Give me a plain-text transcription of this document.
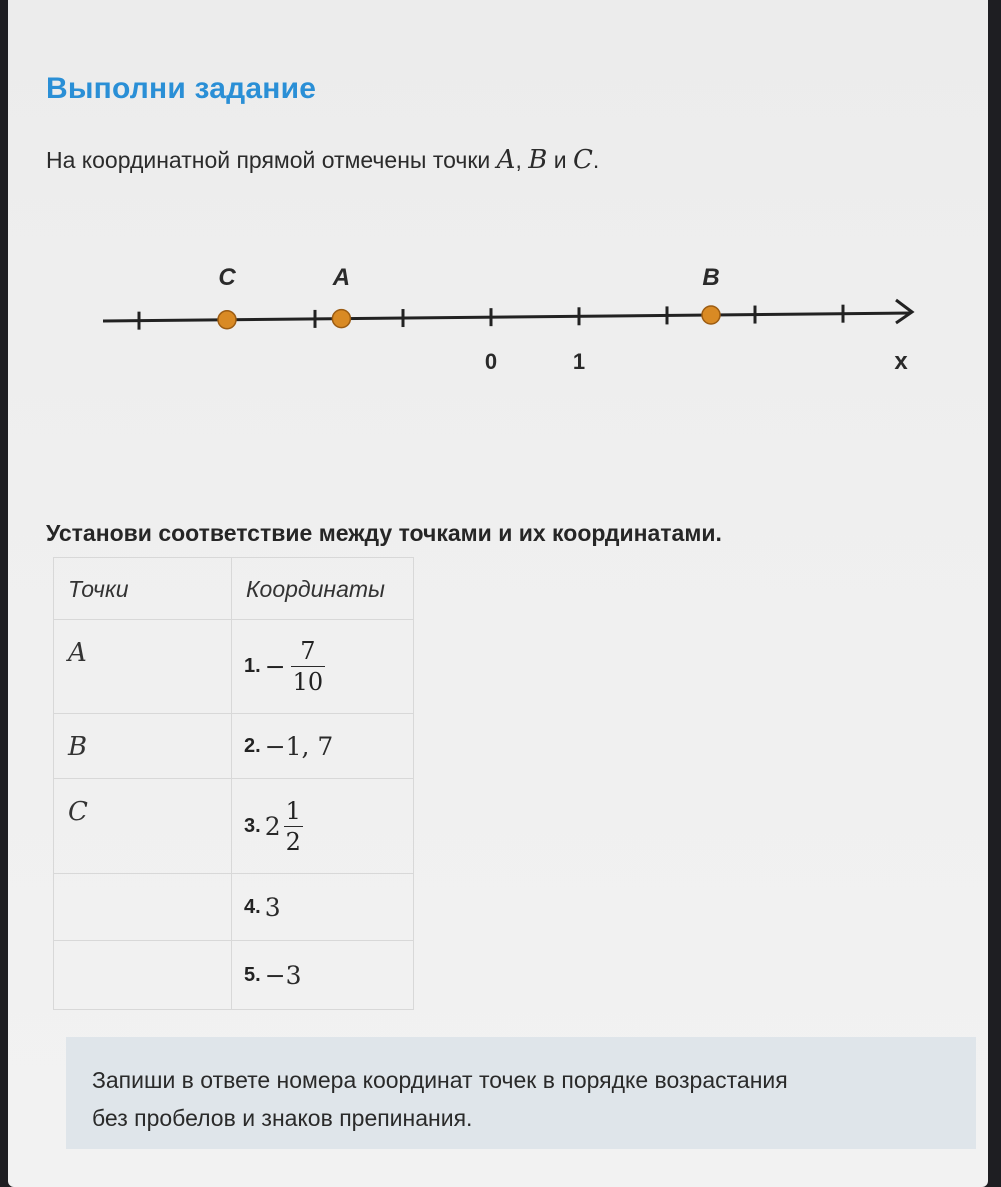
Выполни задание
На координатной прямой отмечены точки A, B и C.
C	A	B
0	1	x
Установи соответствие между точками и их координатами.
Точки	Координаты

A	1. − $\frac{7}{10}$

B	2. −1, 7

C	3. $2 \frac{1}{2}$

	4. 3

	5. −3
Запиши в ответе номера координат точек в порядке возрастания
без пробелов и знаков препинания.
